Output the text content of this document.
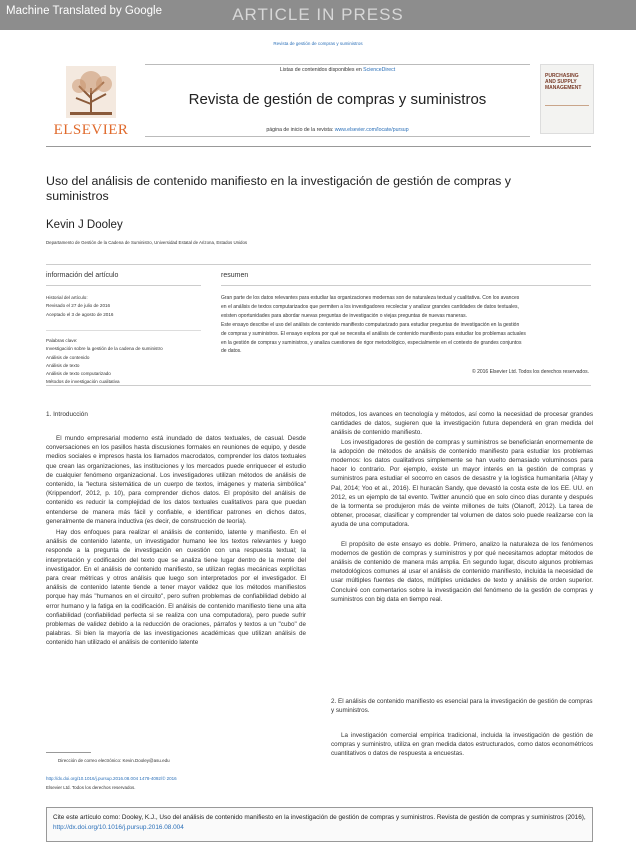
Machine Translated by Google	ARTICLE IN PRESS
Revista de gestión de compras y suministros
ELSEVIER
Listas de contenidos disponibles en ScienceDirect
Revista de gestión de compras y suministros
página de inicio de la revista: www.elsevier.com/locate/pursup
PURCHASING
AND SUPPLY
MANAGEMENT
Uso del análisis de contenido manifiesto en la investigación de gestión de compras y
suministros
Kevin J Dooley
Departamento de Gestión de la Cadena de Suministro, Universidad Estatal de Arizona, Estados Unidos
información del artículo
Historial del artículo:
Revisado el 27 de julio de 2016
Aceptado el 3 de agosto de 2016
Palabras clave:
Investigación sobre la gestión de la cadena de suministro
Análisis de contenido
Análisis de texto
Análisis de texto computarizado
Métodos de investigación cualitativa
resumen
Gran parte de los datos relevantes para estudiar las organizaciones modernas son de naturaleza textual y cualitativa. Con los avances
en el análisis de textos computarizados que permiten a los investigadores recolectar y analizar grandes cantidades de datos textuales,
existen oportunidades para abordar nuevas preguntas de investigación o viejas preguntas de nuevas maneras.
Este ensayo describe el uso del análisis de contenido manifiesto computarizado para estudiar preguntas de investigación en la gestión
de compras y suministros. El ensayo explora por qué se necesita el análisis de contenido manifiesto para estudiar los problemas actuales
en la gestión de compras y suministros, y analiza cuestiones de rigor metodológico, especialmente en el contexto de grandes conjuntos
de datos.
© 2016 Elsevier Ltd. Todos los derechos reservados.
1. Introducción

El mundo empresarial moderno está inundado de datos textuales, de casual. Desde conversaciones en los pasillos hasta discusiones formales en reuniones de equipo, y desde medios sociales e impresos hasta los llamados macrodatos, comprender los datos textuales que crean las organizaciones, las instituciones y los mercados puede enriquecer el estudio de cualquier fenómeno organizacional. Los investigadores utilizan métodos de análisis de contenido, la "lectura sistemática de un cuerpo de textos, imágenes y materia simbólica" (Krippendorf, 2012, p. 10), para comprender dichos datos. El propósito del análisis de contenido es reducir la complejidad de los datos textuales cualitativos para que puedan entenderse de manera más fácil y confiable, e identificar patrones en dichos datos, generalmente de manera inductiva (es decir, de construcción de teoría).

Hay dos enfoques para realizar el análisis de contenido, latente y manifiesto. En el análisis de contenido latente, un investigador humano lee los textos relevantes y luego responde a la pregunta de investigación en cuestión con una respuesta textual; la interpretación y codificación del texto que se analiza tiene lugar dentro de la mente del investigador. En el análisis de contenido manifiesto, se utilizan reglas mecánicas explícitas para crear métricas y otros análisis que luego son interpretados por el investigador. El análisis de contenido latente tiende a tener mayor validez que los métodos manifiestos porque hay más "humanos en el circuito", pero sufren problemas de confiabilidad debido al error humano y la fatiga en la codificación. El análisis de contenido manifiesto tiene una alta confiabilidad (confiabilidad perfecta si se realiza con una computadora), pero puede sufrir problemas de validez debido a la reducción de oraciones, párrafos y textos a un "cubo" de palabras. Si bien la mayoría de las investigaciones académicas que utilizan análisis de contenido han utilizado el análisis de contenido latente

Dirección de correo electrónico: Kevin.Dooley@asu.edu
http://dx.doi.org/10.1016/j.pursup.2016.08.004 1478-4092/© 2016
Elsevier Ltd. Todos los derechos reservados.

métodos, los avances en tecnología y métodos, así como la necesidad de procesar grandes cantidades de datos, sugieren que la investigación futura dependerá en gran medida del análisis de contenido manifiesto.

Los investigadores de gestión de compras y suministros se beneficiarán enormemente de la adopción de métodos de análisis de contenido manifiesto para estudiar los problemas modernos: los datos cualitativos simplemente se han vuelto demasiado voluminosos para hacer lo contrario. Por ejemplo, existe un mayor interés en la gestión de compras y suministros para estudiar el socorro en casos de desastre y la logística humanitaria (Altay y Pal, 2014; Yoo et al., 2016). El huracán Sandy, que devastó la costa este de los EE. UU. en 2012, es un ejemplo de tal evento. Twitter anunció que en solo cinco días durante y después de la tormenta se produjeron más de veinte millones de tuits (Olanoff, 2012). La tarea de obtener, procesar, clasificar y comprender tal volumen de datos solo puede realizarse con la ayuda de una computadora.

El propósito de este ensayo es doble. Primero, analizo la naturaleza de los fenómenos modernos de gestión de compras y suministros y por qué necesitamos adoptar métodos de análisis de contenido de manera más amplia. En segundo lugar, discuto algunos problemas metodológicos comunes al usar el análisis de contenido manifiesto, incluida la necesidad de usar múltiples fuentes de datos, múltiples unidades de texto y análisis de orden superior. Concluiré con comentarios sobre la investigación del fenómeno de la gestión de compras y suministros con big data en tiempo real.

2. El análisis de contenido manifiesto es esencial para la investigación de gestión de compras y suministros.

La investigación comercial empírica tradicional, incluida la investigación de gestión de compras y suministro, utiliza en gran medida datos estructurados, como datos econométricos cuantitativos o datos de respuesta a encuestas.

Cite este artículo como: Dooley, K.J., Uso del análisis de contenido manifiesto en la investigación de gestión de compras y suministros. Revista de gestión de compras y suministros (2016), http://dx.doi.org/10.1016/j.pursup.2016.08.004
